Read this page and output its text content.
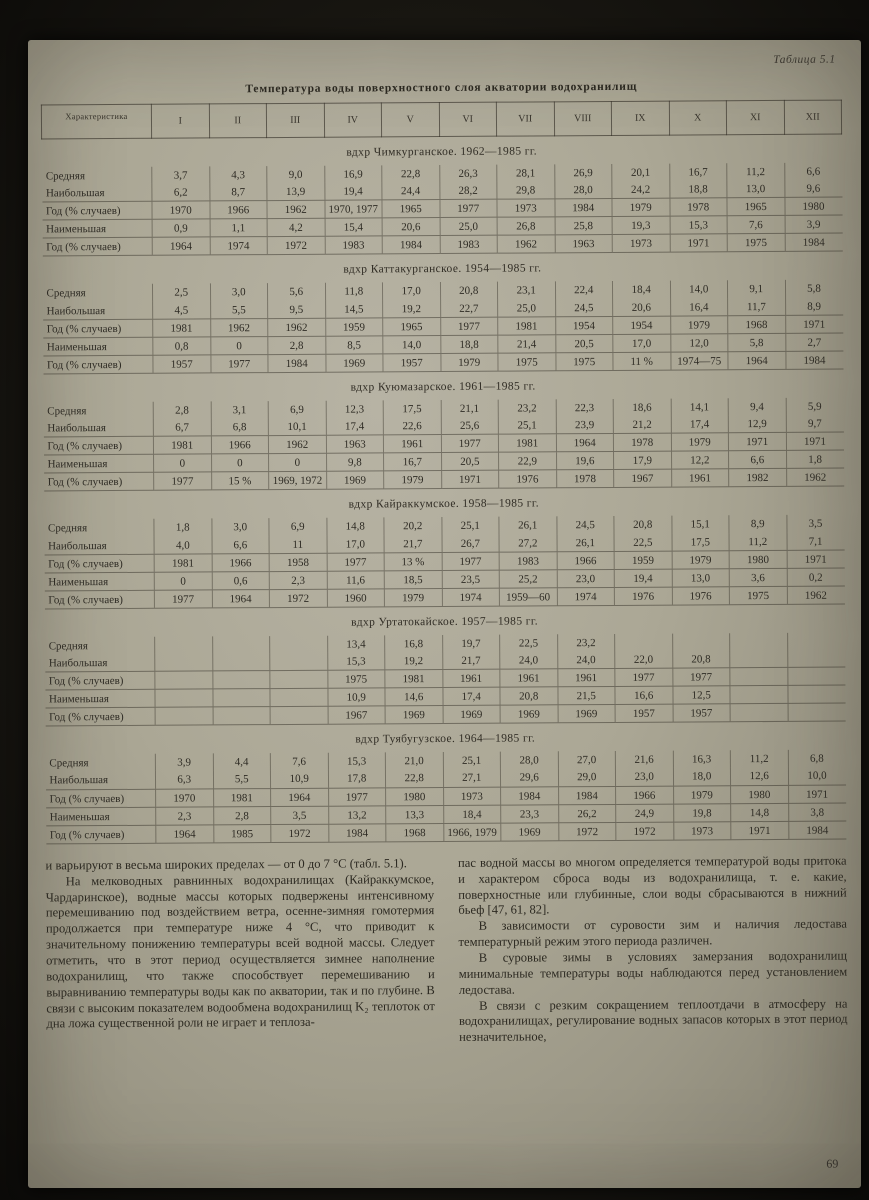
Таблица 5.1
Температура воды поверхностного слоя акватории водохранилищ
Характеристика	I	II	III	IV	V	VI	VII	VIII	IX	X	XI	XII
вдхр Чимкурганское. 1962—1985 гг.												
Средняя	3,7	4,3	9,0	16,9	22,8	26,3	28,1	26,9	20,1	16,7	11,2	6,6
Наибольшая	6,2	8,7	13,9	19,4	24,4	28,2	29,8	28,0	24,2	18,8	13,0	9,6
Год (% случаев)	1970	1966	1962	1970, 1977	1965	1977	1973	1984	1979	1978	1965	1980
Наименьшая	0,9	1,1	4,2	15,4	20,6	25,0	26,8	25,8	19,3	15,3	7,6	3,9
Год (% случаев)	1964	1974	1972	1983	1984	1983	1962	1963	1973	1971	1975	1984
вдхр Каттакурганское. 1954—1985 гг.												
Средняя	2,5	3,0	5,6	11,8	17,0	20,8	23,1	22,4	18,4	14,0	9,1	5,8
Наибольшая	4,5	5,5	9,5	14,5	19,2	22,7	25,0	24,5	20,6	16,4	11,7	8,9
Год (% случаев)	1981	1962	1962	1959	1965	1977	1981	1954	1954	1979	1968	1971
Наименьшая	0,8	0	2,8	8,5	14,0	18,8	21,4	20,5	17,0	12,0	5,8	2,7
Год (% случаев)	1957	1977	1984	1969	1957	1979	1975	1975	11 %	1974—75	1964	1984
вдхр Куюмазарское. 1961—1985 гг.												
Средняя	2,8	3,1	6,9	12,3	17,5	21,1	23,2	22,3	18,6	14,1	9,4	5,9
Наибольшая	6,7	6,8	10,1	17,4	22,6	25,6	25,1	23,9	21,2	17,4	12,9	9,7
Год (% случаев)	1981	1966	1962	1963	1961	1977	1981	1964	1978	1979	1971	1971
Наименьшая	0	0	0	9,8	16,7	20,5	22,9	19,6	17,9	12,2	6,6	1,8
Год (% случаев)	1977	15 %	1969, 1972	1969	1979	1971	1976	1978	1967	1961	1982	1962
вдхр Кайраккумское. 1958—1985 гг.												
Средняя	1,8	3,0	6,9	14,8	20,2	25,1	26,1	24,5	20,8	15,1	8,9	3,5
Наибольшая	4,0	6,6	11	17,0	21,7	26,7	27,2	26,1	22,5	17,5	11,2	7,1
Год (% случаев)	1981	1966	1958	1977	13 %	1977	1983	1966	1959	1979	1980	1971
Наименьшая	0	0,6	2,3	11,6	18,5	23,5	25,2	23,0	19,4	13,0	3,6	0,2
Год (% случаев)	1977	1964	1972	1960	1979	1974	1959—60	1974	1976	1976	1975	1962
вдхр Уртатокайское. 1957—1985 гг.												
Средняя				13,4	16,8	19,7	22,5	23,2				
Наибольшая				15,3	19,2	21,7	24,0	24,0	22,0	20,8		
Год (% случаев)				1975	1981	1961	1961	1961	1977	1977		
Наименьшая				10,9	14,6	17,4	20,8	21,5	16,6	12,5		
Год (% случаев)				1967	1969	1969	1969	1969	1957	1957		
вдхр Туябугузское. 1964—1985 гг.												
Средняя	3,9	4,4	7,6	15,3	21,0	25,1	28,0	27,0	21,6	16,3	11,2	6,8
Наибольшая	6,3	5,5	10,9	17,8	22,8	27,1	29,6	29,0	23,0	18,0	12,6	10,0
Год (% случаев)	1970	1981	1964	1977	1980	1973	1984	1984	1966	1979	1980	1971
Наименьшая	2,3	2,8	3,5	13,2	13,3	18,4	23,3	26,2	24,9	19,8	14,8	3,8
Год (% случаев)	1964	1985	1972	1984	1968	1966, 1979	1969	1972	1972	1973	1971	1984

и варьируют в весьма широких пределах — от 0 до 7 °С (табл. 5.1).

На мелководных равнинных водохранилищах (Кайраккумское, Чардаринское), водные массы которых подвержены интенсивному перемешиванию под воздействием ветра, осенне-зимняя гомотермия продолжается при температуре ниже 4 °С, что приводит к значительному понижению температуры всей водной массы. Следует отметить, что в этот период осуществляется зимнее наполнение водохранилищ, что также способствует перемешиванию и выравниванию температуры воды как по акватории, так и по глубине. В связи с высоким показателем водообмена водохранилищ K₂ теплоток от дна ложа существенной роли не играет и теплоза-

пас водной массы во многом определяется температурой воды притока и характером сброса воды из водохранилища, т. е. какие, поверхностные или глубинные, слои воды сбрасываются в нижний бьеф [47, 61, 82].

В зависимости от суровости зим и наличия ледостава температурный режим этого периода различен.

В суровые зимы в условиях замерзания водохранилищ минимальные температуры воды наблюдаются перед установлением ледостава.

В связи с резким сокращением теплоотдачи в атмосферу на водохранилищах, регулирование водных запасов которых в этот период незначительное,

69
